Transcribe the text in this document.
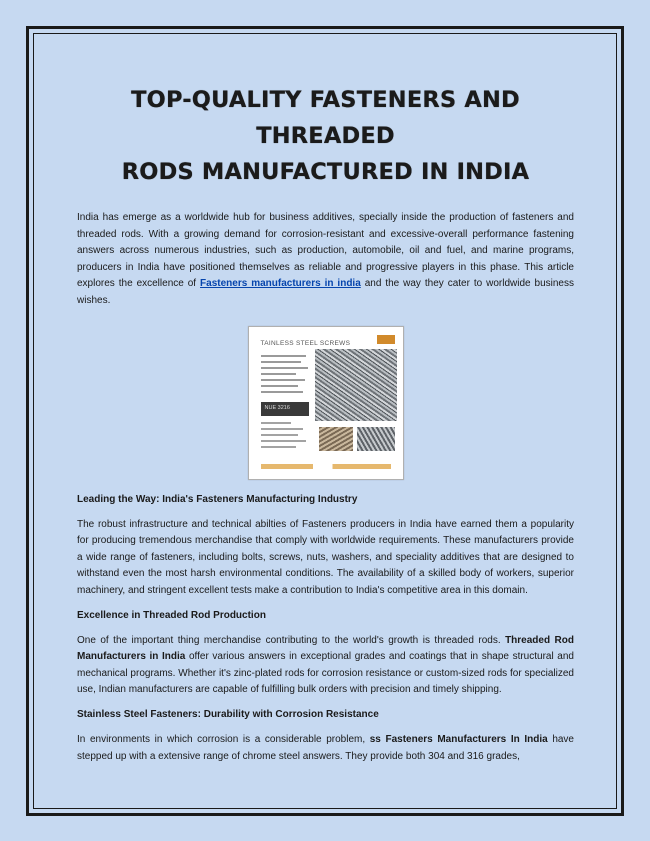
TOP-QUALITY FASTENERS AND THREADED
RODS MANUFACTURED IN INDIA

India has emerge as a worldwide hub for business additives, specially inside the production of fasteners and threaded rods. With a growing demand for corrosion-resistant and excessive-overall performance fastening answers across numerous industries, such as production, automobile, oil and fuel, and marine programs, producers in India have positioned themselves as reliable and progressive players in this phase. This article explores the excellence of Fasteners manufacturers in india and the way they cater to worldwide business wishes.

TAINLESS STEEL SCREWS
NUE 3216

Leading the Way: India's Fasteners Manufacturing Industry

The robust infrastructure and technical abilties of Fasteners producers in India have earned them a popularity for producing tremendous merchandise that comply with worldwide requirements. These manufacturers provide a wide range of fasteners, including bolts, screws, nuts, washers, and speciality additives that are designed to withstand even the most harsh environmental conditions. The availability of a skilled body of workers, superior machinery, and stringent excellent tests make a contribution to India's competitive area in this domain.

Excellence in Threaded Rod Production

One of the important thing merchandise contributing to the world's growth is threaded rods. Threaded Rod Manufacturers in India offer various answers in exceptional grades and coatings that in shape structural and mechanical programs. Whether it's zinc-plated rods for corrosion resistance or custom-sized rods for specialized use, Indian manufacturers are capable of fulfilling bulk orders with precision and timely shipping.

Stainless Steel Fasteners: Durability with Corrosion Resistance

In environments in which corrosion is a considerable problem, ss Fasteners Manufacturers In India have stepped up with a extensive range of chrome steel answers. They provide both 304 and 316 grades,
